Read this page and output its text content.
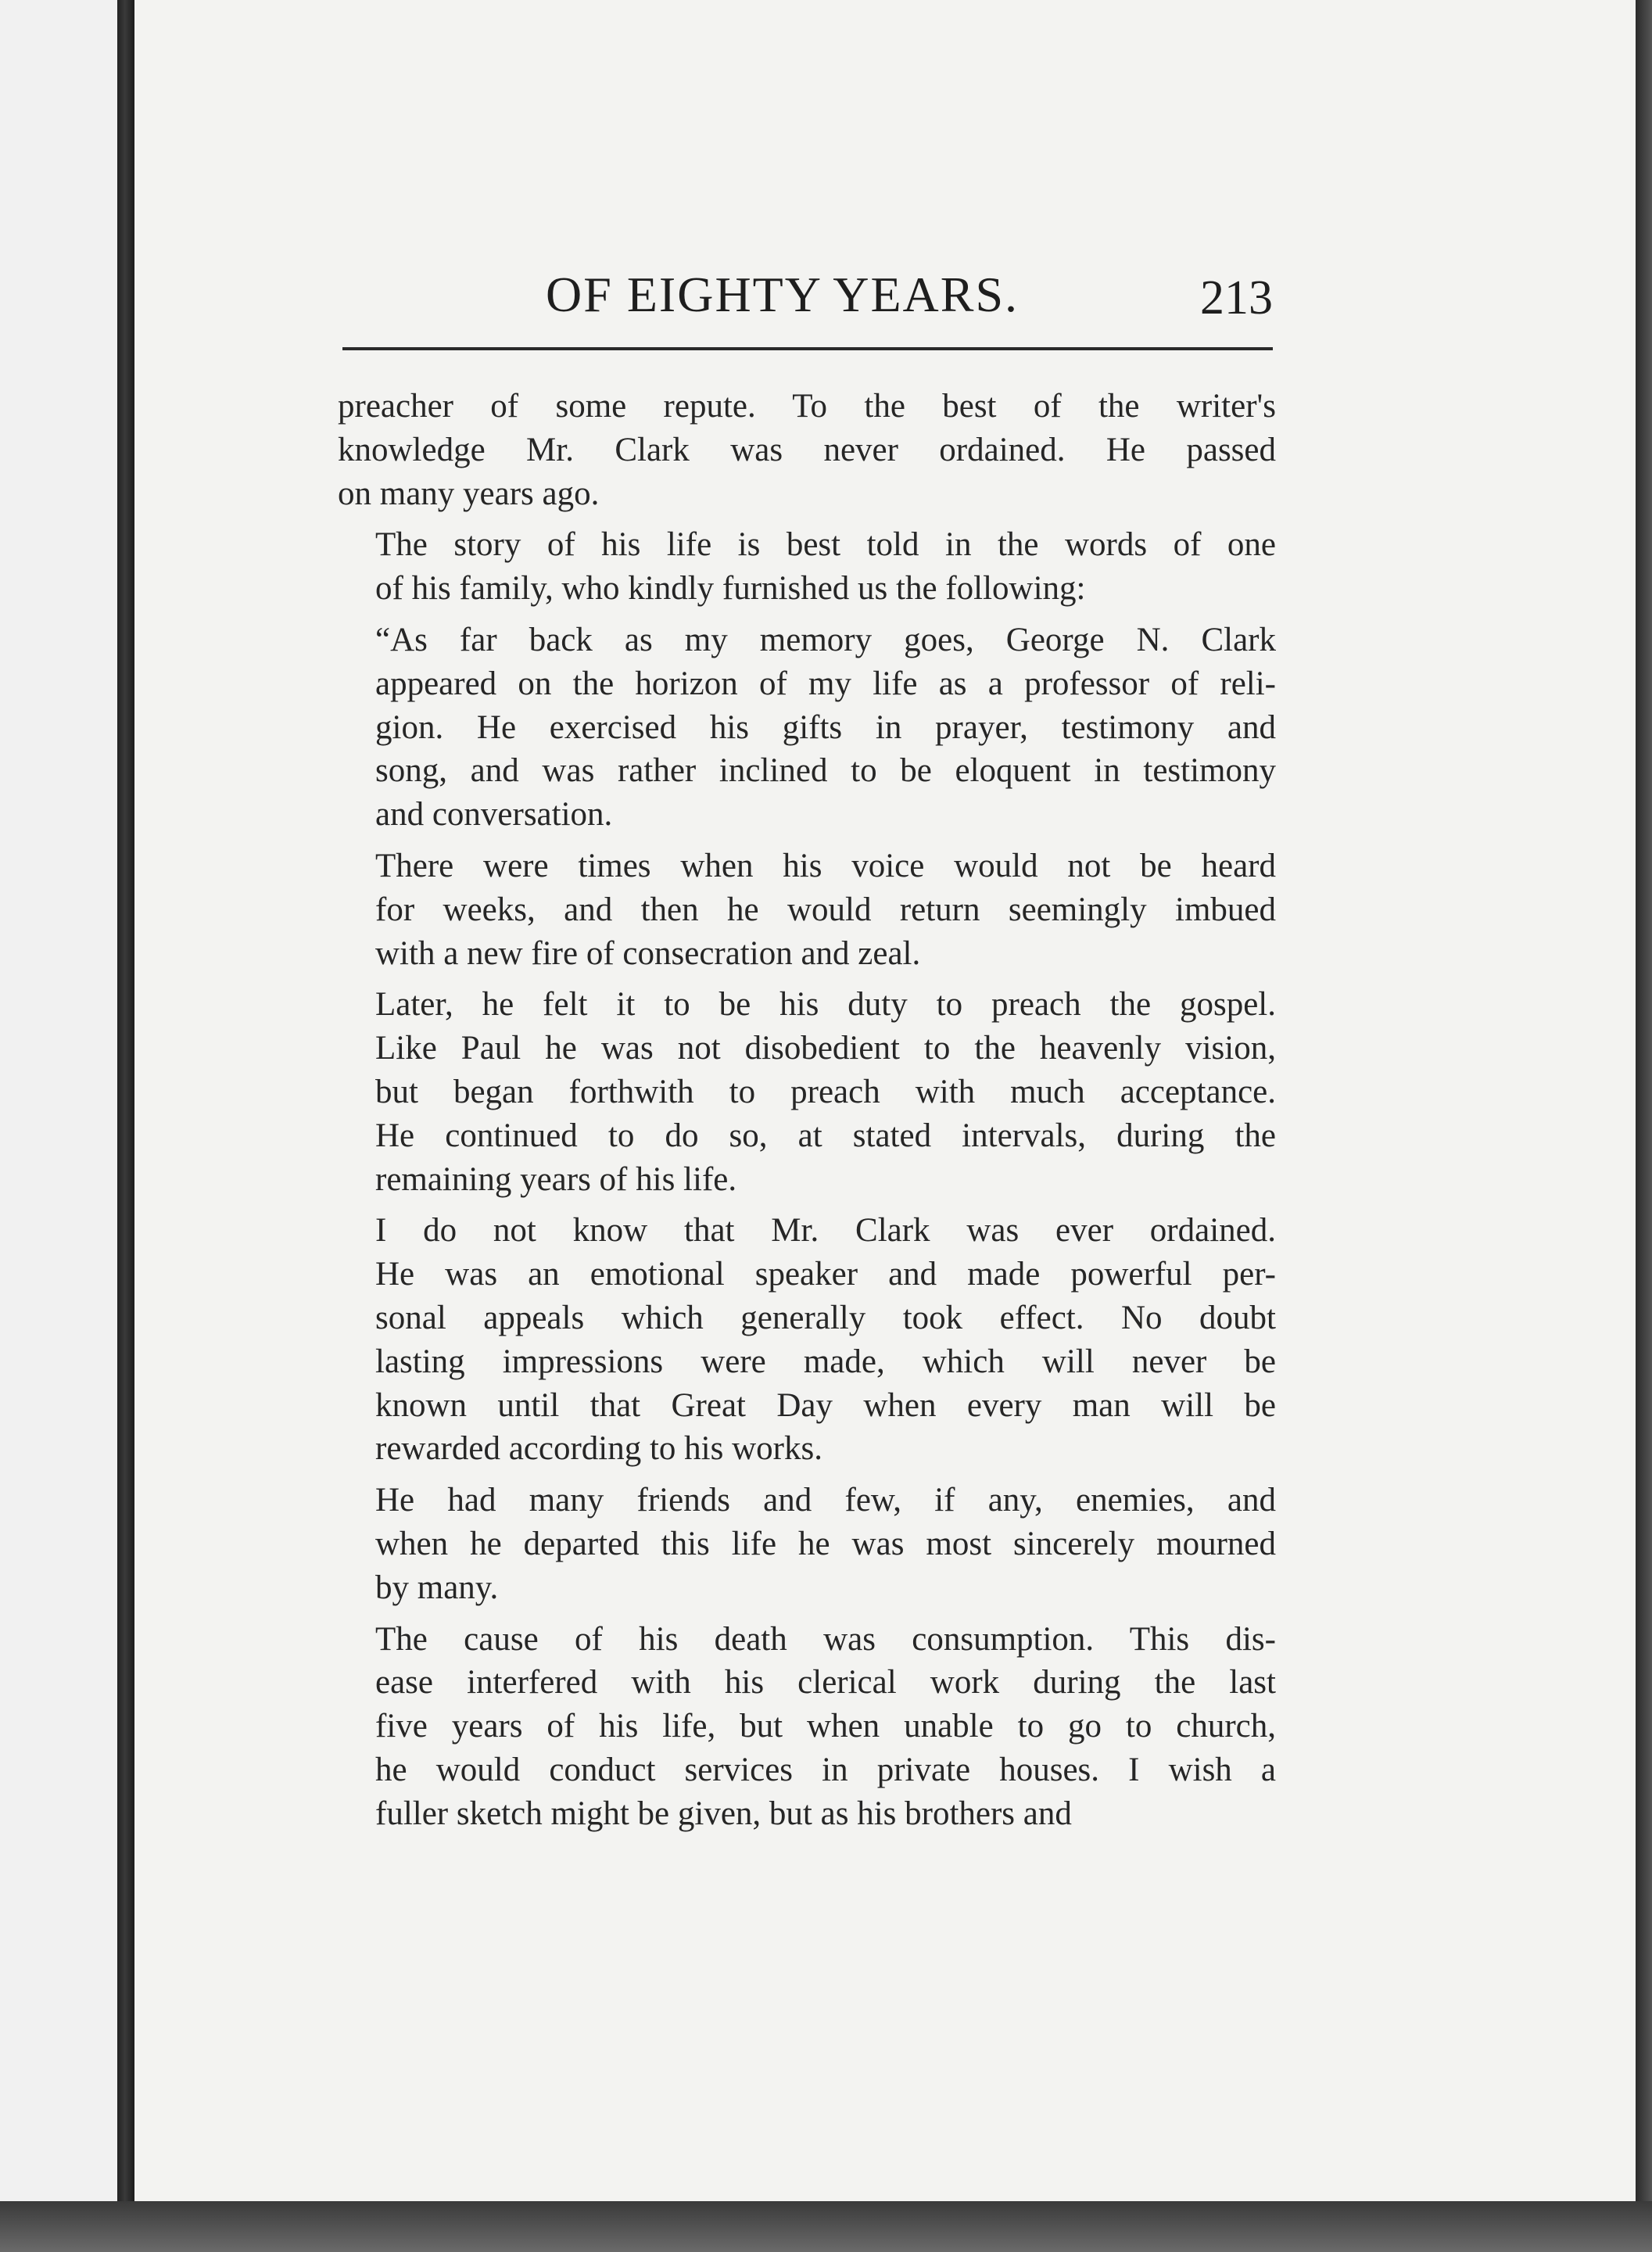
OF EIGHTY YEARS.	213
preacher of some repute. To the best of the writer's
knowledge Mr. Clark was never ordained. He passed
on many years ago.
The story of his life is best told in the words of one
of his family, who kindly furnished us the following:
“As far back as my memory goes, George N. Clark
appeared on the horizon of my life as a professor of reli-
gion. He exercised his gifts in prayer, testimony and
song, and was rather inclined to be eloquent in testimony
and conversation.
There were times when his voice would not be heard
for weeks, and then he would return seemingly imbued
with a new fire of consecration and zeal.
Later, he felt it to be his duty to preach the gospel.
Like Paul he was not disobedient to the heavenly vision,
but began forthwith to preach with much acceptance.
He continued to do so, at stated intervals, during the
remaining years of his life.
I do not know that Mr. Clark was ever ordained.
He was an emotional speaker and made powerful per-
sonal appeals which generally took effect. No doubt
lasting impressions were made, which will never be
known until that Great Day when every man will be
rewarded according to his works.
He had many friends and few, if any, enemies, and
when he departed this life he was most sincerely mourned
by many.
The cause of his death was consumption. This dis-
ease interfered with his clerical work during the last
five years of his life, but when unable to go to church,
he would conduct services in private houses. I wish a
fuller sketch might be given, but as his brothers and
